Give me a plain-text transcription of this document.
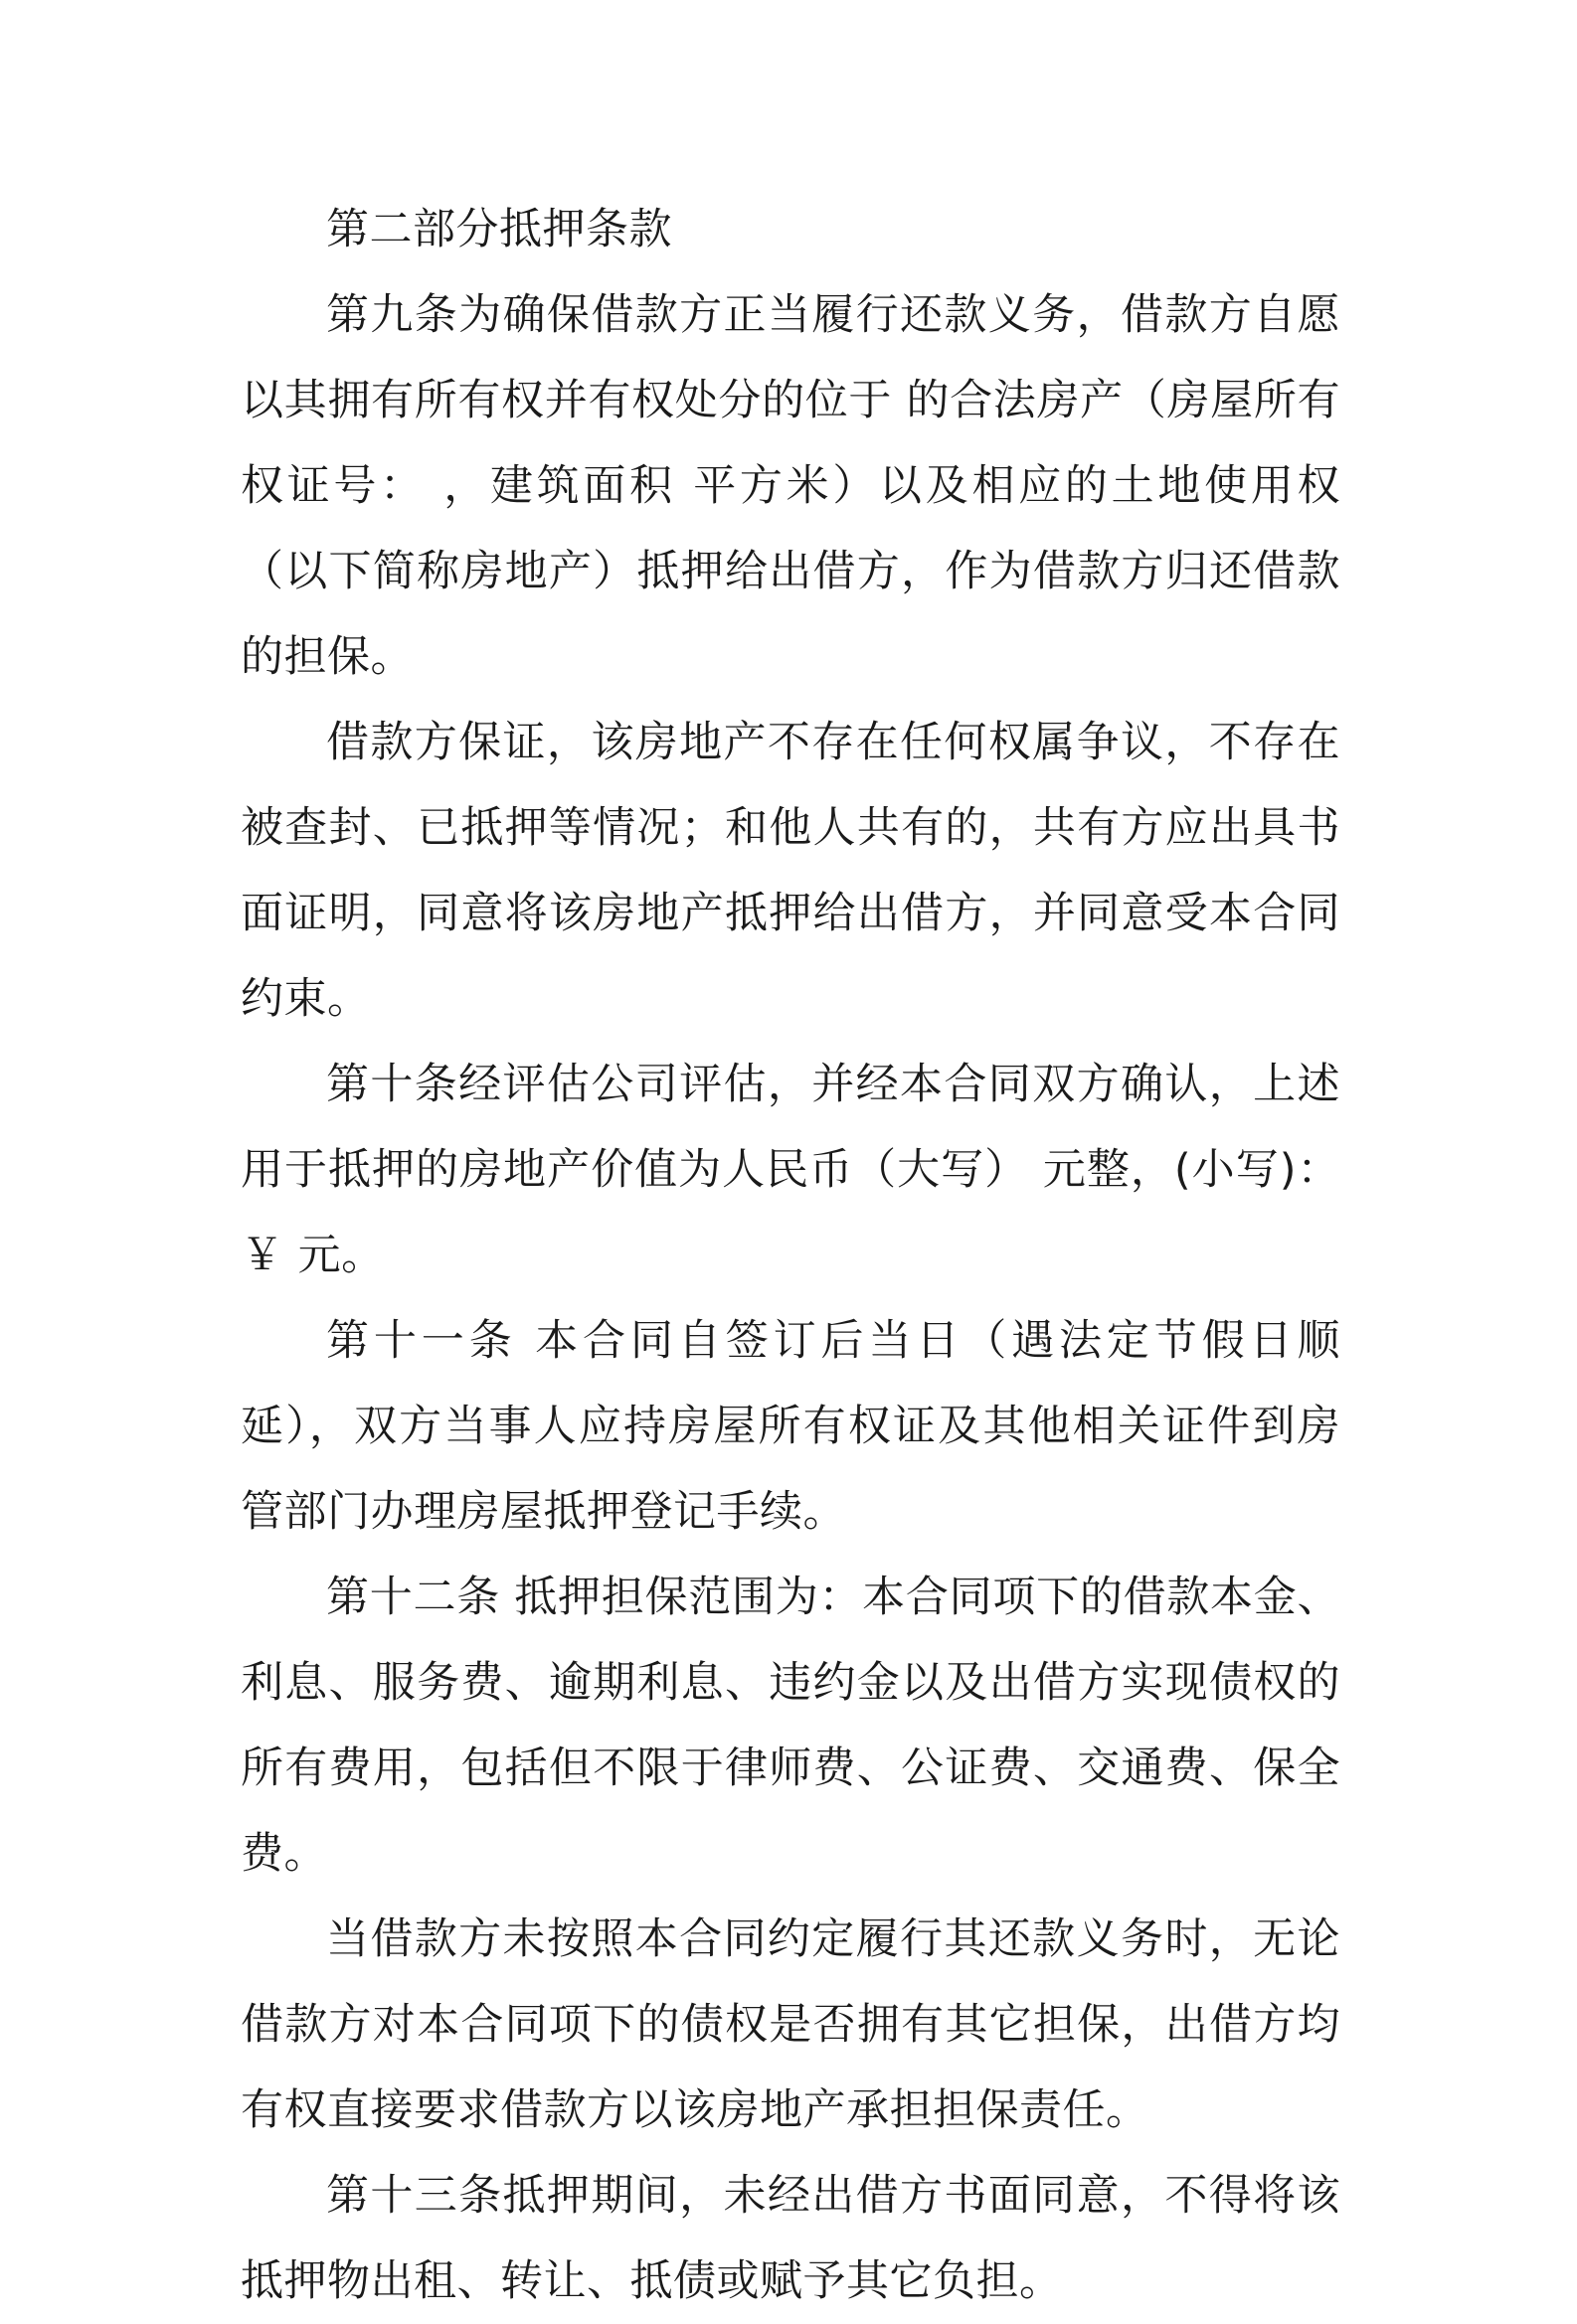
第二部分抵押条款

第九条为确保借款方正当履行还款义务，借款方自愿以其拥有所有权并有权处分的位于 的合法房产（房屋所有权证号： ，建筑面积 平方米）以及相应的土地使用权（以下简称房地产）抵押给出借方，作为借款方归还借款的担保。

借款方保证，该房地产不存在任何权属争议，不存在被查封、已抵押等情况；和他人共有的，共有方应出具书面证明，同意将该房地产抵押给出借方，并同意受本合同约束。

第十条经评估公司评估，并经本合同双方确认，上述用于抵押的房地产价值为人民币（大写） 元整，(小写)：￥ 元。

第十一条 本合同自签订后当日（遇法定节假日顺延），双方当事人应持房屋所有权证及其他相关证件到房管部门办理房屋抵押登记手续。

第十二条 抵押担保范围为：本合同项下的借款本金、利息、服务费、逾期利息、违约金以及出借方实现债权的所有费用，包括但不限于律师费、公证费、交通费、保全费。

当借款方未按照本合同约定履行其还款义务时，无论借款方对本合同项下的债权是否拥有其它担保，出借方均有权直接要求借款方以该房地产承担担保责任。

第十三条抵押期间，未经出借方书面同意，不得将该抵押物出租、转让、抵债或赋予其它负担。
